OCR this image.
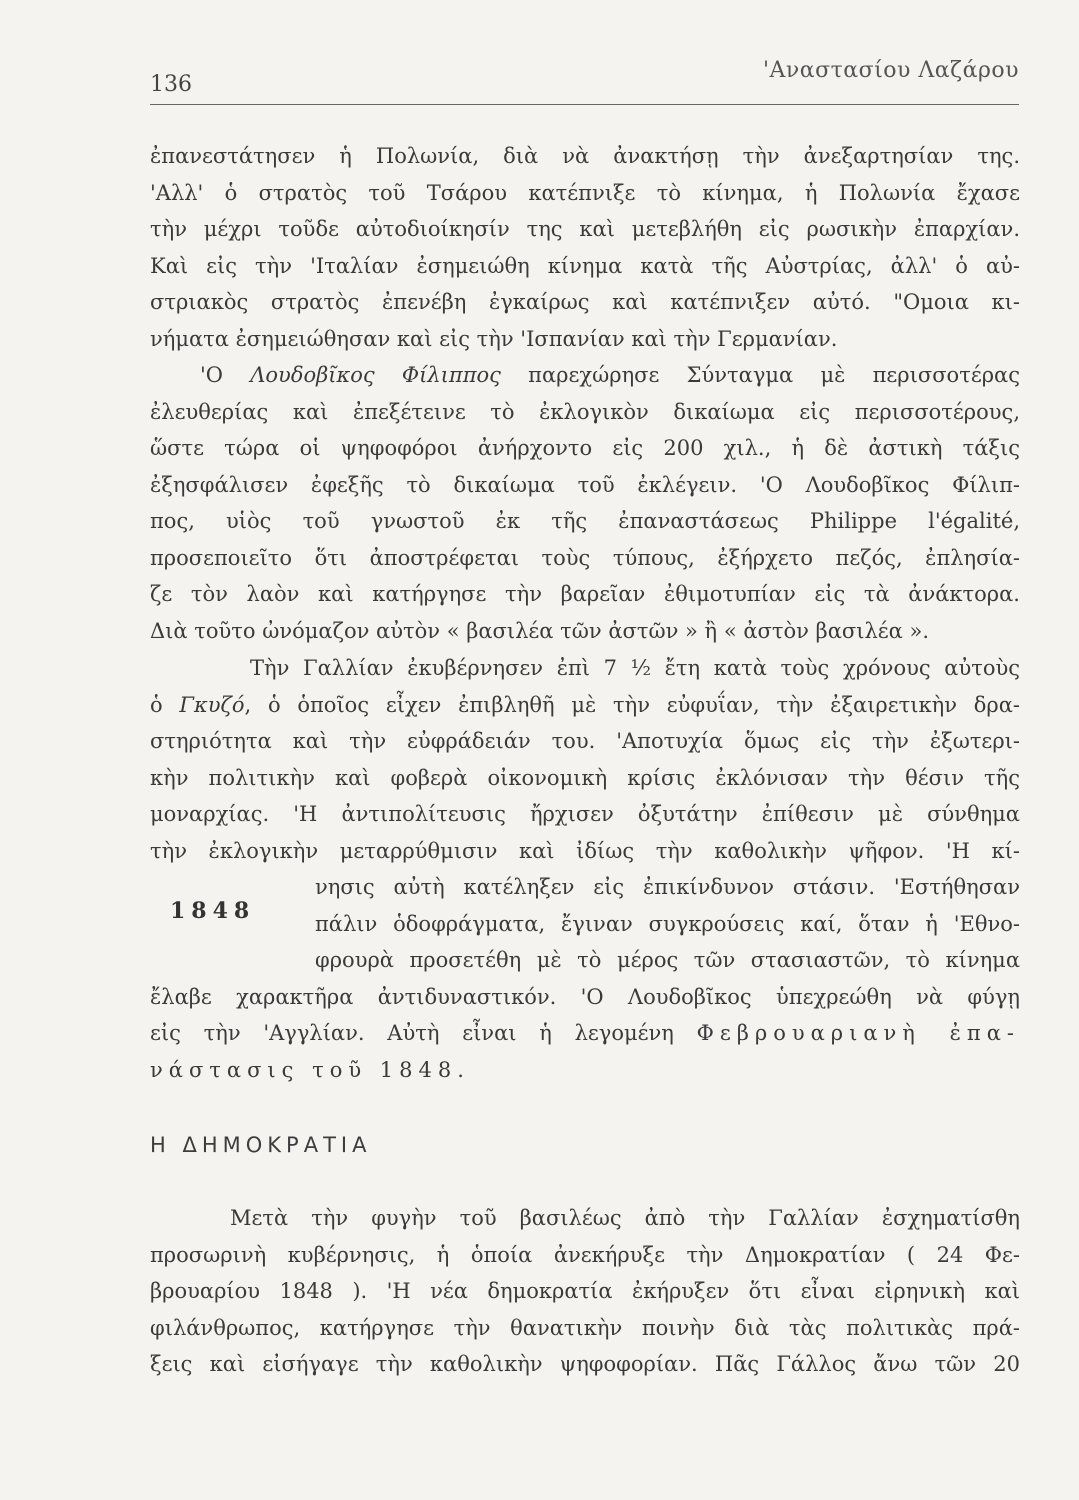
136
'Αναστασίου Λαζάρου
ἐπανεστάτησεν ἡ Πολωνία, διὰ νὰ ἀνακτήσῃ τὴν ἀνεξαρτησίαν της.
'Αλλ' ὁ στρατὸς τοῦ Τσάρου κατέπνιξε τὸ κίνημα, ἡ Πολωνία ἔχασε
τὴν μέχρι τοῦδε αὐτοδιοίκησίν της καὶ μετεβλήθη εἰς ρωσικὴν ἐπαρχίαν.
Καὶ εἰς τὴν 'Ιταλίαν ἐσημειώθη κίνημα κατὰ τῆς Αὐστρίας, ἀλλ' ὁ αὐ-
στριακὸς στρατὸς ἐπενέβη ἐγκαίρως καὶ κατέπνιξεν αὐτό. "Ομοια κι-
νήματα ἐσημειώθησαν καὶ εἰς τὴν 'Ισπανίαν καὶ τὴν Γερμανίαν.
'Ο Λουδοβῖκος Φίλιππος παρεχώρησε Σύνταγμα μὲ περισσοτέρας
ἐλευθερίας καὶ ἐπεξέτεινε τὸ ἐκλογικὸν δικαίωμα εἰς περισσοτέρους,
ὥστε τώρα οἱ ψηφοφόροι ἀνήρχοντο εἰς 200 χιλ., ἡ δὲ ἀστικὴ τάξις
ἐξησφάλισεν ἐφεξῆς τὸ δικαίωμα τοῦ ἐκλέγειν. 'Ο Λουδοβῖκος Φίλιπ-
πος, υἱὸς τοῦ γνωστοῦ ἐκ τῆς ἐπαναστάσεως Philippe l'égalité,
προσεποιεῖτο ὅτι ἀποστρέφεται τοὺς τύπους, ἐξήρχετο πεζός, ἐπλησία-
ζε τὸν λαὸν καὶ κατήργησε τὴν βαρεῖαν ἐθιμοτυπίαν εἰς τὰ ἀνάκτορα.
Διὰ τοῦτο ὠνόμαζον αὐτὸν « βασιλέα τῶν ἀστῶν » ἢ « ἀστὸν βασιλέα ».
Τὴν Γαλλίαν ἐκυβέρνησεν ἐπὶ 7 ½ ἔτη κατὰ τοὺς χρόνους αὐτοὺς
ὁ Γκυζό, ὁ ὁποῖος εἶχεν ἐπιβληθῆ μὲ τὴν εὐφυΐαν, τὴν ἐξαιρετικὴν δρα-
στηριότητα καὶ τὴν εὐφράδειάν του. 'Αποτυχία ὅμως εἰς τὴν ἐξωτερι-
κὴν πολιτικὴν καὶ φοβερὰ οἰκονομικὴ κρίσις ἐκλόνισαν τὴν θέσιν τῆς
μοναρχίας. 'Η ἀντιπολίτευσις ἤρχισεν ὀξυτάτην ἐπίθεσιν μὲ σύνθημα
τὴν ἐκλογικὴν μεταρρύθμισιν καὶ ἰδίως τὴν καθολικὴν ψῆφον. 'Η κί-
νησις αὐτὴ κατέληξεν εἰς ἐπικίνδυνον στάσιν. 'Εστήθησαν
πάλιν ὁδοφράγματα, ἔγιναν συγκρούσεις καί, ὅταν ἡ 'Εθνο-
φρουρὰ προσετέθη μὲ τὸ μέρος τῶν στασιαστῶν, τὸ κίνημα
ἔλαβε χαρακτῆρα ἀντιδυναστικόν. 'Ο Λουδοβῖκος ὑπεχρεώθη νὰ φύγῃ
εἰς τὴν 'Αγγλίαν. Αὐτὴ εἶναι ἡ λεγομένη Φεβρουαριανὴ ἐπα-
νάστασις τοῦ 1848.
1848
Η ΔΗΜΟΚΡΑΤΙΑ
Μετὰ τὴν φυγὴν τοῦ βασιλέως ἀπὸ τὴν Γαλλίαν ἐσχηματίσθη
προσωρινὴ κυβέρνησις, ἡ ὁποία ἀνεκήρυξε τὴν Δημοκρατίαν ( 24 Φε-
βρουαρίου 1848 ). 'Η νέα δημοκρατία ἐκήρυξεν ὅτι εἶναι εἰρηνικὴ καὶ
φιλάνθρωπος, κατήργησε τὴν θανατικὴν ποινὴν διὰ τὰς πολιτικὰς πρά-
ξεις καὶ εἰσήγαγε τὴν καθολικὴν ψηφοφορίαν. Πᾶς Γάλλος ἄνω τῶν 20
